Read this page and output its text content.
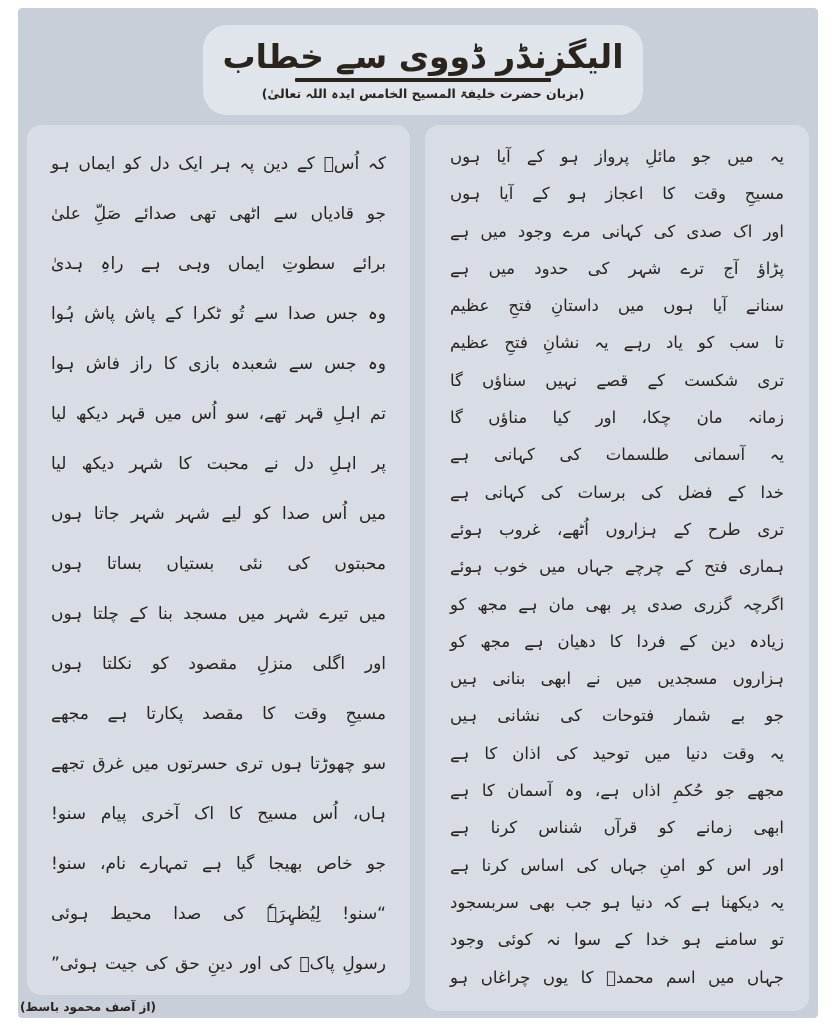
الیگزنڈر ڈووی سے خطاب
(بزبان حضرت خلیفۃ المسیح الخامس ایدہ اللہ تعالیٰ)
یہ میں جو مائلِ پرواز ہو کے آیا ہوں
مسیحِ وقت کا اعجاز ہو کے آیا ہوں
اور اک صدی کی کہانی مرے وجود میں ہے
پڑاؤ آج ترے شہر کی حدود میں ہے
سنانے آیا ہوں میں داستانِ فتحِ عظیم
تا سب کو یاد رہے یہ نشانِ فتحِ عظیم
تری شکست کے قصے نہیں سناؤں گا
زمانہ مان چکا، اور کیا مناؤں گا
یہ آسمانی طلسمات کی کہانی ہے
خدا کے فضل کی برسات کی کہانی ہے
تری طرح کے ہزاروں اُٹھے، غروب ہوئے
ہماری فتح کے چرچے جہاں میں خوب ہوئے
اگرچہ گزری صدی پر بھی مان ہے مجھ کو
زیادہ دین کے فردا کا دھیان ہے مجھ کو
ہزاروں مسجدیں میں نے ابھی بنانی ہیں
جو بے شمار فتوحات کی نشانی ہیں
یہ وقت دنیا میں توحید کی اذان کا ہے
مجھے جو حُکمِ اذاں ہے، وہ آسمان کا ہے
ابھی زمانے کو قرآں شناس کرنا ہے
اور اس کو امنِ جہاں کی اساس کرنا ہے
یہ دیکھنا ہے کہ دنیا ہو جب بھی سربسجود
تو سامنے ہو خدا کے سوا نہ کوئی وجود
جہاں میں اسم محمدؐ کا یوں چراغاں ہو
کہ اُسؑ کے دین پہ ہر ایک دل کو ایماں ہو
جو قادیاں سے اٹھی تھی صدائے صَلِّ علیٰ
برائے سطوتِ ایماں وہی ہے راہِ ہدیٰ
وہ جس صدا سے تُو ٹکرا کے پاش پاش ہُوا
وہ جس سے شعبدہ بازی کا راز فاش ہوا
تم اہلِ قہر تھے، سو اُس میں قہر دیکھ لیا
پر اہلِ دل نے محبت کا شہر دیکھ لیا
میں اُس صدا کو لیے شہر شہر جاتا ہوں
محبتوں کی نئی بستیاں بساتا ہوں
میں تیرے شہر میں مسجد بنا کے چلتا ہوں
اور اگلی منزلِ مقصود کو نکلتا ہوں
مسیحِ وقت کا مقصد پکارتا ہے مجھے
سو چھوڑتا ہوں تری حسرتوں میں غرق تجھے
ہاں، اُس مسیح کا اک آخری پیام سنو!
جو خاص بھیجا گیا ہے تمہارے نام، سنو!
“سنو! لِیُظہِرَہٗ کی صدا محیط ہوئی
رسولِ پاکؐ کی اور دینِ حق کی جیت ہوئی”
(از آصف محمود باسط)
